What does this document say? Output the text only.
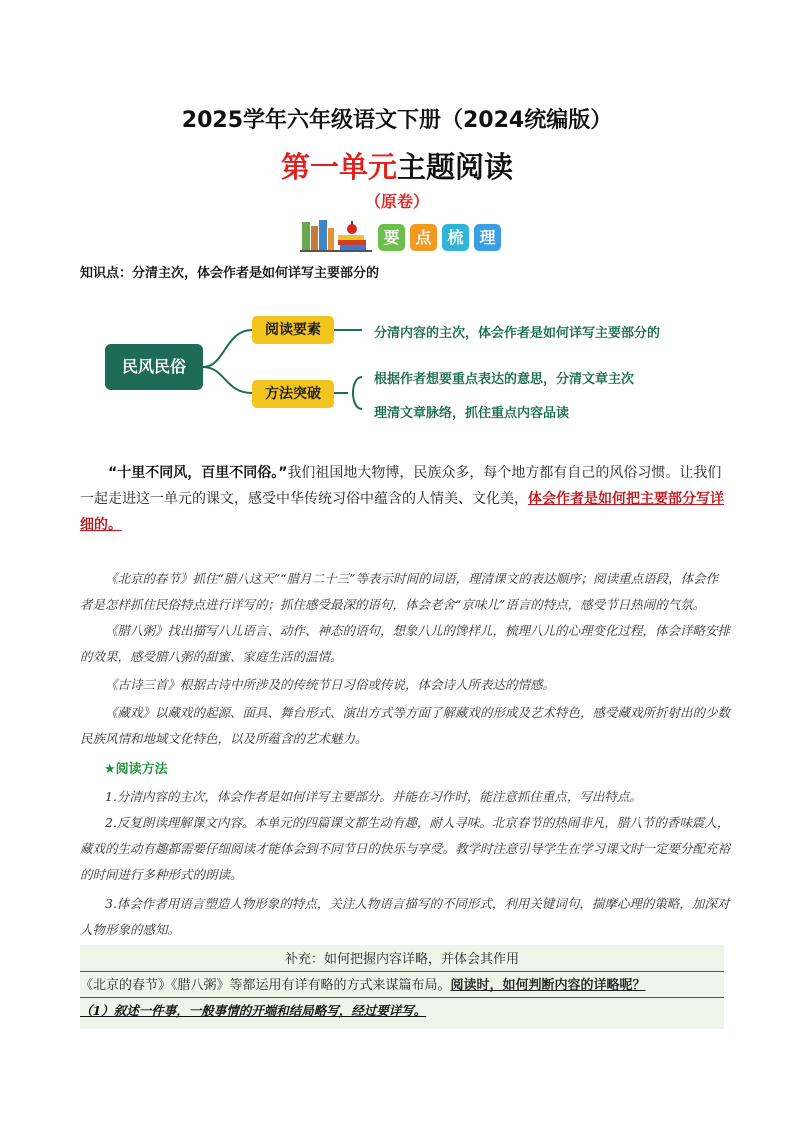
2025学年六年级语文下册（2024统编版）
第一单元主题阅读
（原卷）
要 点 梳 理
知识点：分清主次，体会作者是如何详写主要部分的
民风民俗
阅读要素	分清内容的主次，体会作者是如何详写主要部分的
方法突破
根据作者想要重点表达的意思，分清文章主次
理清文章脉络，抓住重点内容品读
“十里不同风，百里不同俗。”我们祖国地大物博，民族众多，每个地方都有自己的风俗习惯。让我们一起走进这一单元的课文，感受中华传统习俗中蕴含的人情美、文化美，体会作者是如何把主要部分写详细的。
《北京的春节》抓住“腊八这天”“腊月二十三”等表示时间的词语，理清课文的表达顺序；阅读重点语段，体会作者是怎样抓住民俗特点进行详写的；抓住感受最深的语句，体会老舍“京味儿”语言的特点，感受节日热闹的气氛。
《腊八粥》找出描写八儿语言、动作、神态的语句，想象八儿的馋样儿，梳理八儿的心理变化过程，体会详略安排的效果，感受腊八粥的甜蜜、家庭生活的温情。
《古诗三首》根据古诗中所涉及的传统节日习俗或传说，体会诗人所表达的情感。
《藏戏》以藏戏的起源、面具、舞台形式、演出方式等方面了解藏戏的形成及艺术特色，感受藏戏所折射出的少数民族风情和地域文化特色，以及所蕴含的艺术魅力。
★阅读方法
1.分清内容的主次，体会作者是如何详写主要部分。并能在习作时，能注意抓住重点，写出特点。
2.反复朗读理解课文内容。本单元的四篇课文都生动有趣，耐人寻味。北京春节的热闹非凡，腊八节的香味震人，藏戏的生动有趣都需要仔细阅读才能体会到不同节日的快乐与享受。教学时注意引导学生在学习课文时一定要分配充裕的时间进行多种形式的朗读。
3.体会作者用语言塑造人物形象的特点，关注人物语言描写的不同形式，利用关键词句，揣摩心理的策略，加深对人物形象的感知。
补充：如何把握内容详略，并体会其作用
《北京的春节》《腊八粥》等都运用有详有略的方式来谋篇布局。阅读时，如何判断内容的详略呢？
（1）叙述一件事，一般事情的开端和结局略写，经过要详写。
